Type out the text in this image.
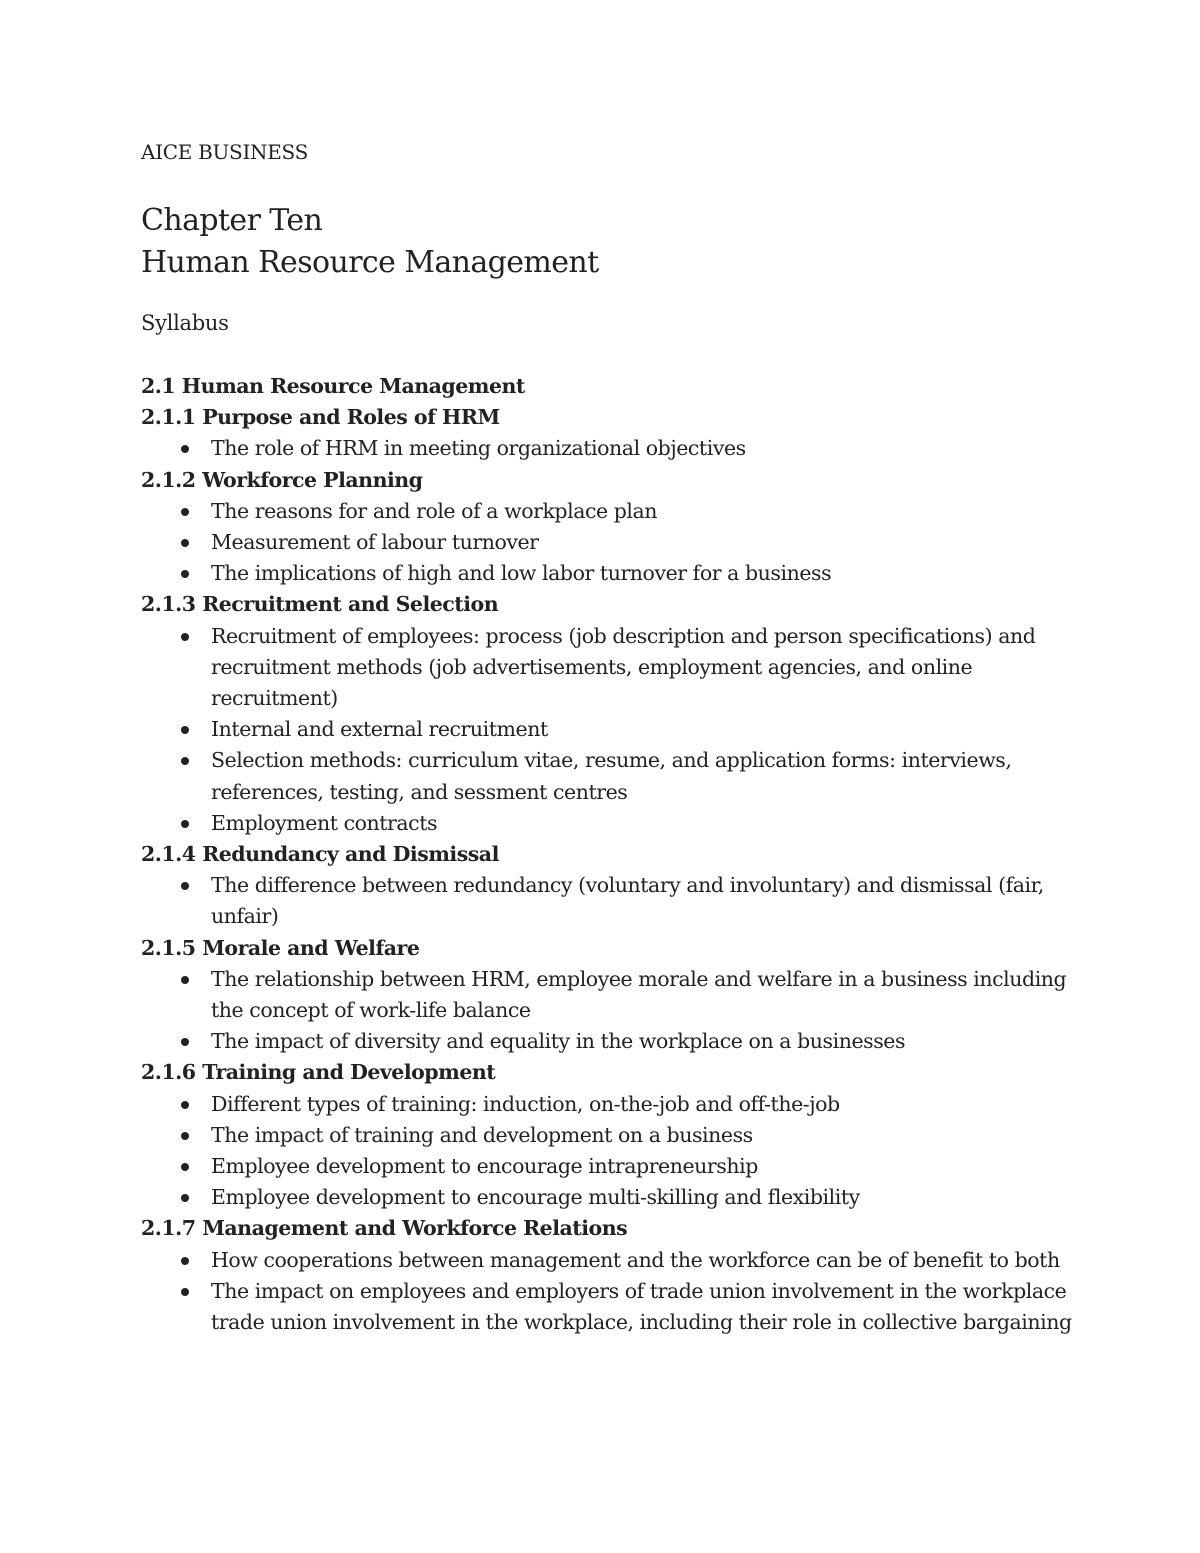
AICE BUSINESS

Chapter Ten
Human Resource Management

Syllabus

2.1 Human Resource Management

2.1.1 Purpose and Roles of HRM

The role of HRM in meeting organizational objectives

2.1.2 Workforce Planning

The reasons for and role of a workplace plan
Measurement of labour turnover
The implications of high and low labor turnover for a business

2.1.3 Recruitment and Selection

Recruitment of employees: process (job description and person specifications) and recruitment methods (job advertisements, employment agencies, and online recruitment)
Internal and external recruitment
Selection methods: curriculum vitae, resume, and application forms: interviews, references, testing, and sessment centres
Employment contracts

2.1.4 Redundancy and Dismissal

The difference between redundancy (voluntary and involuntary) and dismissal (fair, unfair)

2.1.5 Morale and Welfare

The relationship between HRM, employee morale and welfare in a business including the concept of work-life balance
The impact of diversity and equality in the workplace on a businesses

2.1.6 Training and Development

Different types of training: induction, on-the-job and off-the-job
The impact of training and development on a business
Employee development to encourage intrapreneurship
Employee development to encourage multi-skilling and flexibility

2.1.7 Management and Workforce Relations

How cooperations between management and the workforce can be of benefit to both
The impact on employees and employers of trade union involvement in the workplace trade union involvement in the workplace, including their role in collective bargaining
